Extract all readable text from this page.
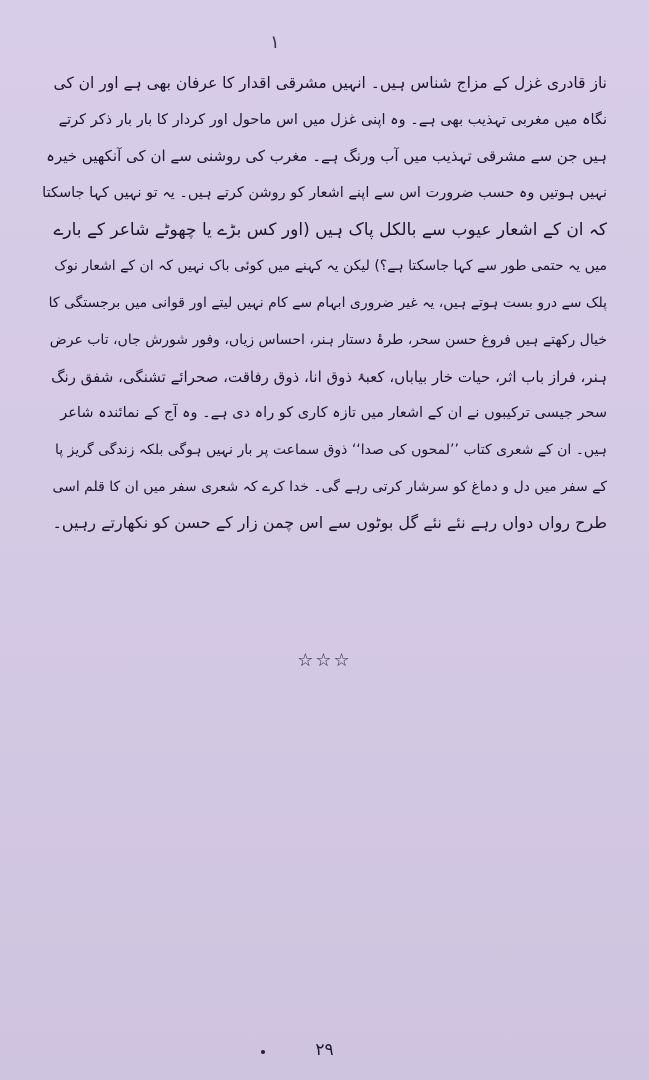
١
ناز قادری غزل کے مزاج شناس ہیں۔ انہیں مشرقی اقدار کا عرفان بھی ہے اور ان کی
نگاہ میں مغربی تہذیب بھی ہے۔ وہ اپنی غزل میں اس ماحول اور کردار کا بار بار ذکر کرتے
ہیں جن سے مشرقی تہذیب میں آب ورنگ ہے۔ مغرب کی روشنی سے ان کی آنکھیں خیرہ
نہیں ہوتیں وہ حسب ضرورت اس سے اپنے اشعار کو روشن کرتے ہیں۔ یہ تو نہیں کہا جاسکتا
کہ ان کے اشعار عیوب سے بالکل پاک ہیں (اور کس بڑے یا چھوٹے شاعر کے بارے
میں یہ حتمی طور سے کہا جاسکتا ہے؟) لیکن یہ کہنے میں کوئی باک نہیں کہ ان کے اشعار نوک
پلک سے درو بست ہوتے ہیں، یہ غیر ضروری ابہام سے کام نہیں لیتے اور قوانی میں برجستگی کا
خیال رکھتے ہیں فروغ حسن سحر، طرۂ دستار ہنر، احساس زیاں، وفور شورش جاں، تاب عرض
ہنر، فراز باب اثر، حیات خار بیاباں، کعبۂ ذوق انا، ذوق رفاقت، صحرائے تشنگی، شفق رنگ
سحر جیسی ترکیبوں نے ان کے اشعار میں تازہ کاری کو راہ دی ہے۔ وہ آج کے نمائندہ شاعر
ہیں۔ ان کے شعری کتاب ’’لمحوں کی صدا‘‘ ذوق سماعت پر بار نہیں ہوگی بلکہ زندگی گریز پا
کے سفر میں دل و دماغ کو سرشار کرتی رہے گی۔ خدا کرے کہ شعری سفر میں ان کا قلم اسی
طرح رواں دواں رہے نئے نئے گل بوٹوں سے اس چمن زار کے حسن کو نکھارتے رہیں۔
☆☆☆
۲۹
